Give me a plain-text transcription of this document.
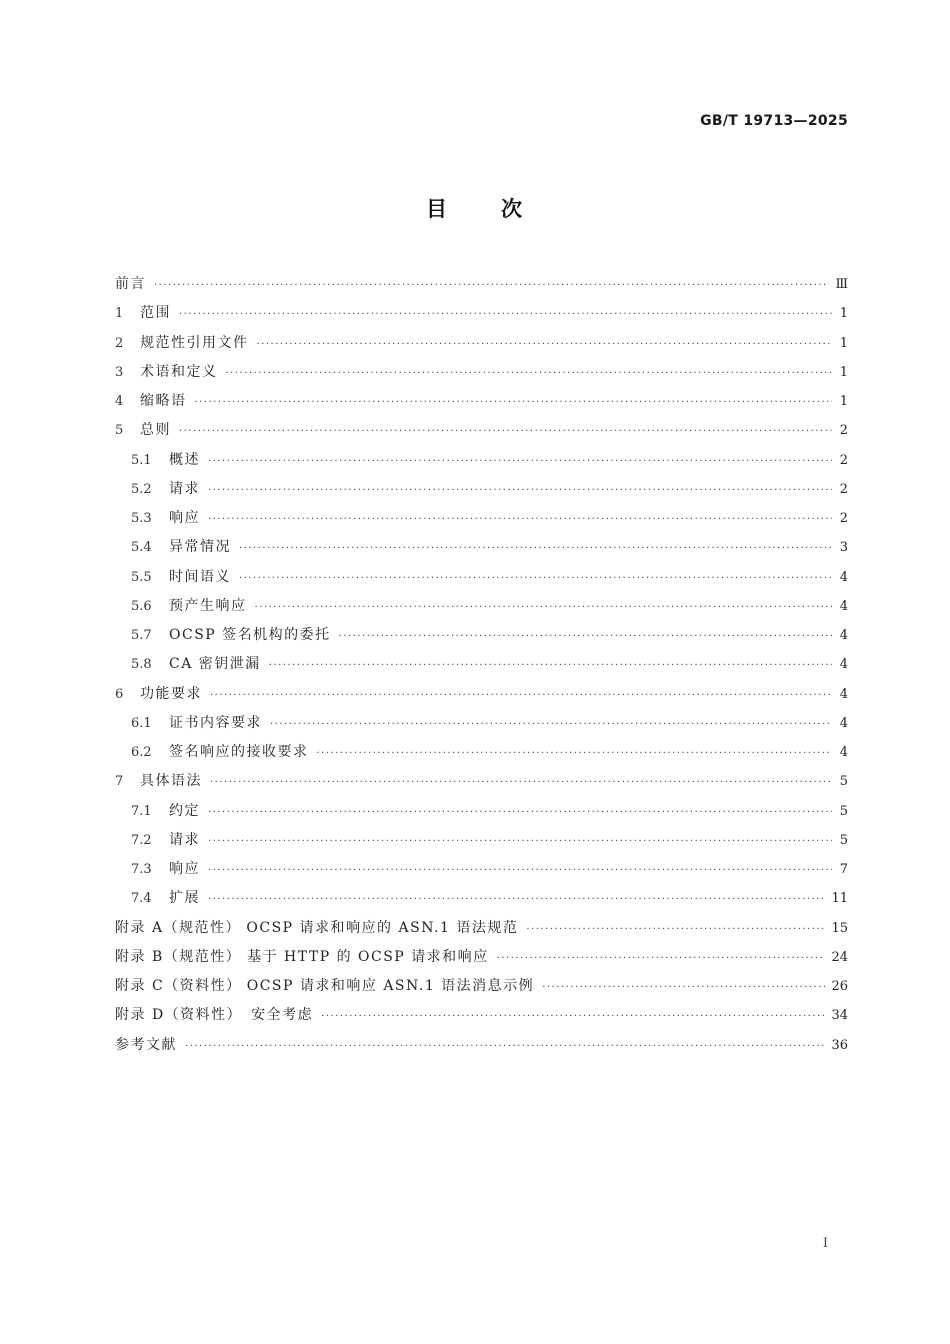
GB/T 19713—2025
目 次
前言 ·····	Ⅲ
1	范围 ·····	1
2	规范性引用文件 ·····	1
3	术语和定义 ·····	1
4	缩略语 ·····	1
5	总则 ·····	2
5.1	概述 ·····	2
5.2	请求 ·····	2
5.3	响应 ·····	2
5.4	异常情况 ·····	3
5.5	时间语义 ·····	4
5.6	预产生响应 ·····	4
5.7	OCSP 签名机构的委托 ·····	4
5.8	CA 密钥泄漏 ·····	4
6	功能要求 ·····	4
6.1	证书内容要求 ·····	4
6.2	签名响应的接收要求 ·····	4
7	具体语法 ·····	5
7.1	约定 ·····	5
7.2	请求 ·····	5
7.3	响应 ·····	7
7.4	扩展 ·····	11
附录 A（规范性） OCSP 请求和响应的 ASN.1 语法规范 ·····	15
附录 B（规范性） 基于 HTTP 的 OCSP 请求和响应 ·····	24
附录 C（资料性） OCSP 请求和响应 ASN.1 语法消息示例 ·····	26
附录 D（资料性） 安全考虑 ·····	34
参考文献 ·····	36
I
